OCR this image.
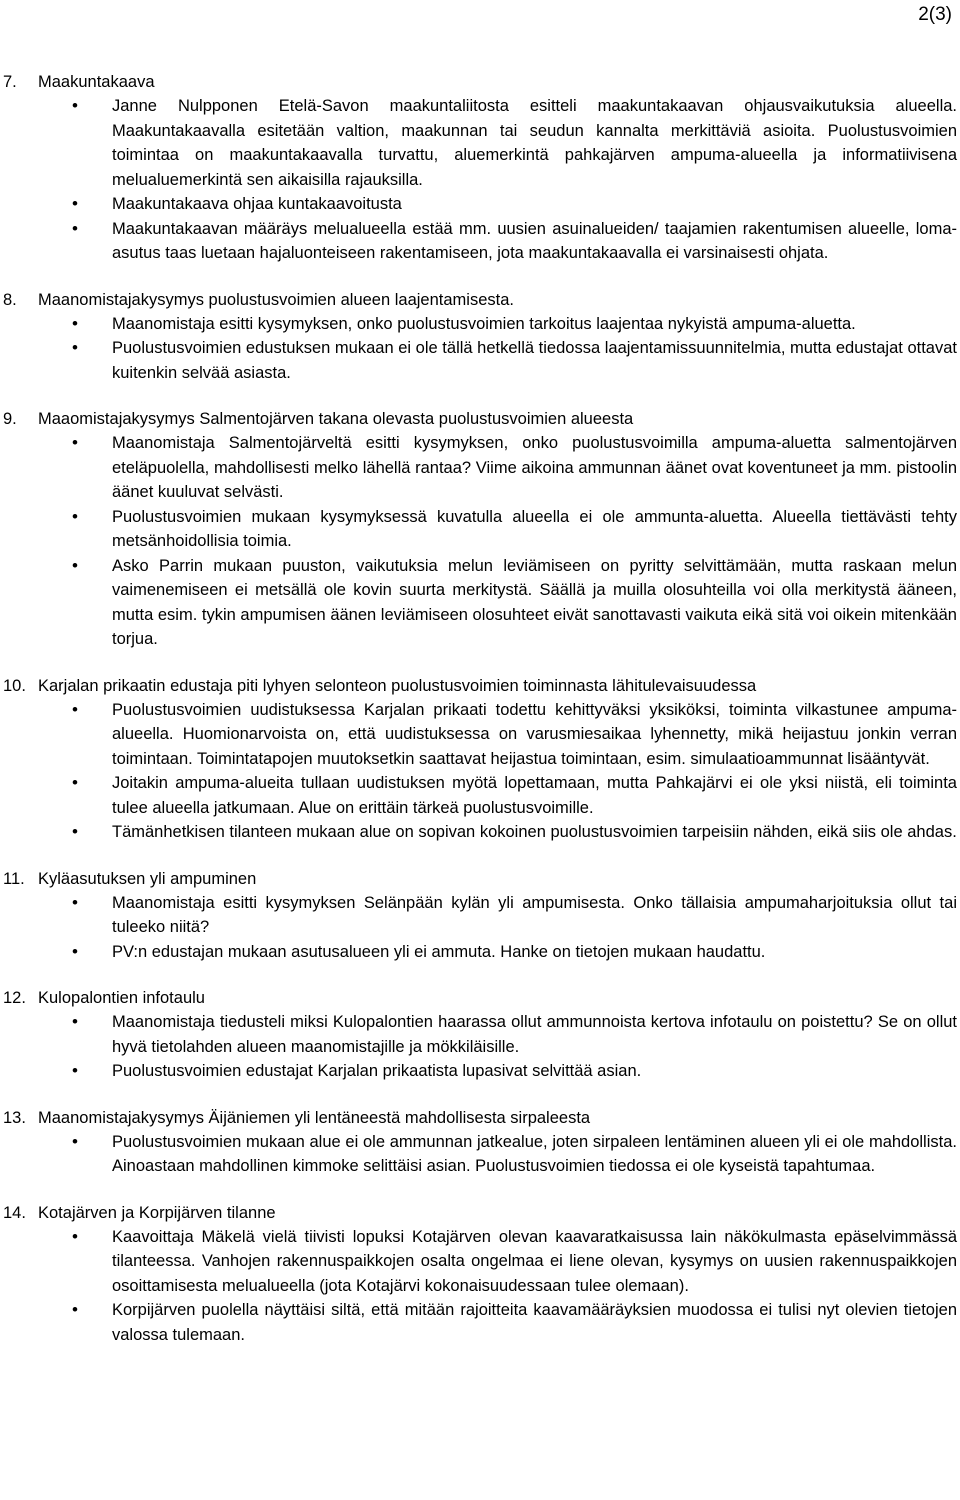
2(3)
7.	Maakuntakaava
•
Janne Nulpponen Etelä-Savon maakuntaliitosta esitteli maakuntakaavan ohjausvaikutuksia alueella. Maakuntakaavalla esitetään valtion, maakunnan tai seudun kannalta merkittäviä asioita. Puolustusvoimien toimintaa on maakuntakaavalla turvattu, aluemerkintä pahkajärven ampuma-alueella ja informatiivisena melualuemerkintä sen aikaisilla rajauksilla.
•
Maakuntakaava ohjaa kuntakaavoitusta
•
Maakuntakaavan määräys melualueella estää mm. uusien asuinalueiden/ taajamien rakentumisen alueelle, loma-asutus taas luetaan hajaluonteiseen rakentamiseen, jota maakuntakaavalla ei varsinaisesti ohjata.
8.	Maanomistajakysymys puolustusvoimien alueen laajentamisesta.
•
Maanomistaja esitti kysymyksen, onko puolustusvoimien tarkoitus laajentaa nykyistä ampuma-aluetta.
•
Puolustusvoimien edustuksen mukaan ei ole tällä hetkellä tiedossa laajentamissuunnitelmia, mutta edustajat ottavat kuitenkin selvää asiasta.
9.	Maaomistajakysymys Salmentojärven takana olevasta puolustusvoimien alueesta
•
Maanomistaja Salmentojärveltä esitti kysymyksen, onko puolustusvoimilla ampuma-aluetta salmentojärven eteläpuolella, mahdollisesti melko lähellä rantaa? Viime aikoina ammunnan äänet ovat koventuneet ja mm. pistoolin äänet kuuluvat selvästi.
•
Puolustusvoimien mukaan kysymyksessä kuvatulla alueella ei ole ammunta-aluetta. Alueella tiettävästi tehty metsänhoidollisia toimia.
•
Asko Parrin mukaan puuston, vaikutuksia melun leviämiseen on pyritty selvittämään, mutta raskaan melun vaimenemiseen ei metsällä ole kovin suurta merkitystä. Säällä ja muilla olosuhteilla voi olla merkitystä ääneen, mutta esim. tykin ampumisen äänen leviämiseen olosuhteet eivät sanottavasti vaikuta eikä sitä voi oikein mitenkään torjua.
10. Karjalan prikaatin edustaja piti lyhyen selonteon puolustusvoimien toiminnasta lähitulevaisuudessa
•
Puolustusvoimien uudistuksessa Karjalan prikaati todettu kehittyväksi yksiköksi, toiminta vilkastunee ampuma-alueella. Huomionarvoista on, että uudistuksessa on varusmiesaikaa lyhennetty, mikä heijastuu jonkin verran toimintaan. Toimintatapojen muutoksetkin saattavat heijastua toimintaan, esim. simulaatioammunnat lisääntyvät.
•
Joitakin ampuma-alueita tullaan uudistuksen myötä lopettamaan, mutta Pahkajärvi ei ole yksi niistä, eli toiminta tulee alueella jatkumaan. Alue on erittäin tärkeä puolustusvoimille.
•
Tämänhetkisen tilanteen mukaan alue on sopivan kokoinen puolustusvoimien tarpeisiin nähden, eikä siis ole ahdas.
11. Kyläasutuksen yli ampuminen
•
Maanomistaja esitti kysymyksen Selänpään kylän yli ampumisesta. Onko tällaisia ampumaharjoituksia ollut tai tuleeko niitä?
•
PV:n edustajan mukaan asutusalueen yli ei ammuta. Hanke on tietojen mukaan haudattu.
12. Kulopalontien infotaulu
•
Maanomistaja tiedusteli miksi Kulopalontien haarassa ollut ammunnoista kertova infotaulu on poistettu? Se on ollut hyvä tietolahden alueen maanomistajille ja mökkiläisille.
•
Puolustusvoimien edustajat Karjalan prikaatista lupasivat selvittää asian.
13. Maanomistajakysymys Äijäniemen yli lentäneestä mahdollisesta sirpaleesta
•
Puolustusvoimien mukaan alue ei ole ammunnan jatkealue, joten sirpaleen lentäminen alueen yli ei ole mahdollista. Ainoastaan mahdollinen kimmoke selittäisi asian. Puolustusvoimien tiedossa ei ole kyseistä tapahtumaa.
14. Kotajärven ja Korpijärven tilanne
•
Kaavoittaja Mäkelä vielä tiivisti lopuksi Kotajärven olevan kaavaratkaisussa lain näkökulmasta epäselvimmässä tilanteessa. Vanhojen rakennuspaikkojen osalta ongelmaa ei liene olevan, kysymys on uusien rakennuspaikkojen osoittamisesta melualueella (jota Kotajärvi kokonaisuudessaan tulee olemaan).
•
Korpijärven puolella näyttäisi siltä, että mitään rajoitteita kaavamääräyksien muodossa ei tulisi nyt olevien tietojen valossa tulemaan.
